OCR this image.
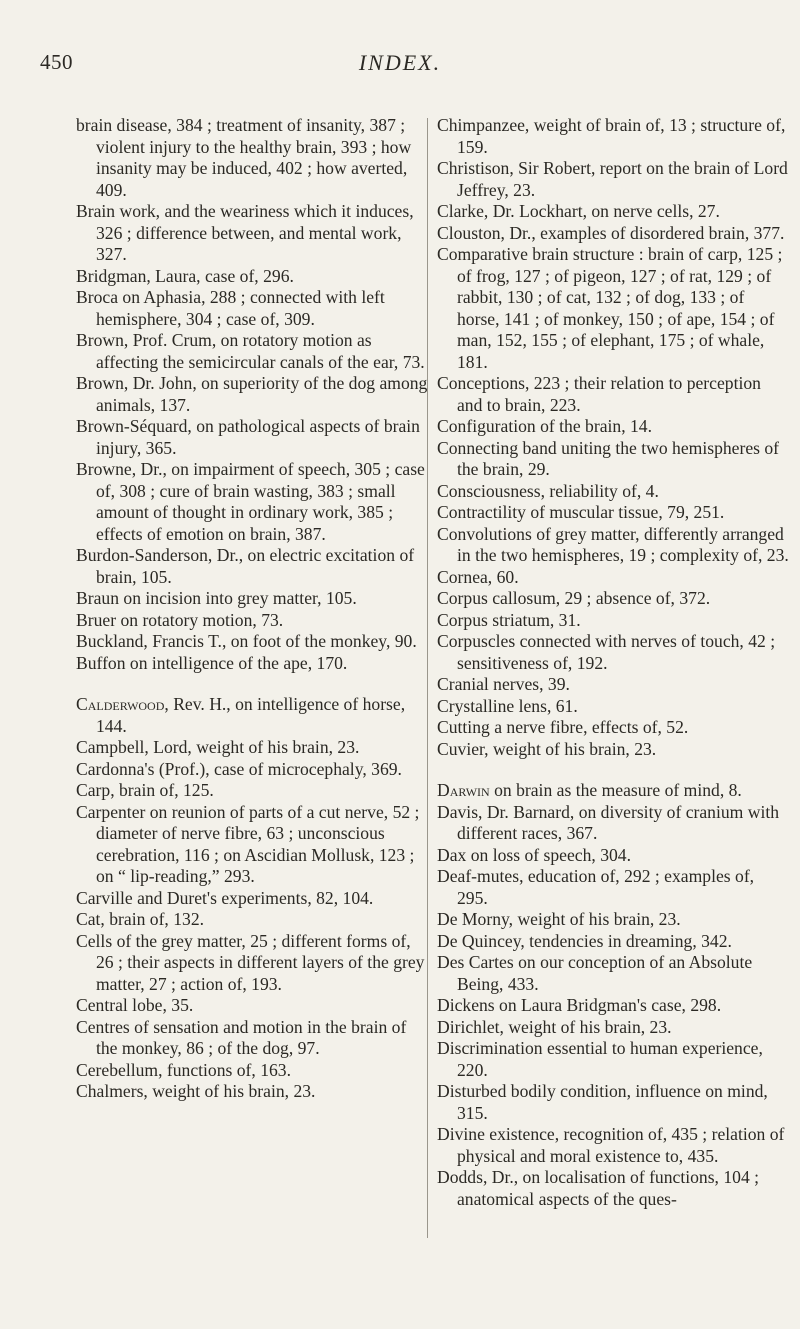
450	INDEX.

brain disease, 384 ; treatment of insanity, 387 ; violent injury to the healthy brain, 393 ; how insanity may be induced, 402 ; how averted, 409.

Brain work, and the weariness which it induces, 326 ; difference between, and mental work, 327.

Bridgman, Laura, case of, 296.

Broca on Aphasia, 288 ; connected with left hemisphere, 304 ; case of, 309.

Brown, Prof. Crum, on rotatory motion as affecting the semicircular canals of the ear, 73.

Brown, Dr. John, on superiority of the dog among animals, 137.

Brown-Séquard, on pathological aspects of brain injury, 365.

Browne, Dr., on impairment of speech, 305 ; case of, 308 ; cure of brain wasting, 383 ; small amount of thought in ordinary work, 385 ; effects of emotion on brain, 387.

Burdon-Sanderson, Dr., on electric excitation of brain, 105.

Braun on incision into grey matter, 105.

Bruer on rotatory motion, 73.

Buckland, Francis T., on foot of the monkey, 90.

Buffon on intelligence of the ape, 170.

Calderwood, Rev. H., on intelligence of horse, 144.

Campbell, Lord, weight of his brain, 23.

Cardonna's (Prof.), case of microcephaly, 369.

Carp, brain of, 125.

Carpenter on reunion of parts of a cut nerve, 52 ; diameter of nerve fibre, 63 ; unconscious cerebration, 116 ; on Ascidian Mollusk, 123 ; on “ lip-reading,” 293.

Carville and Duret's experiments, 82, 104.

Cat, brain of, 132.

Cells of the grey matter, 25 ; different forms of, 26 ; their aspects in different layers of the grey matter, 27 ; action of, 193.

Central lobe, 35.

Centres of sensation and motion in the brain of the monkey, 86 ; of the dog, 97.

Cerebellum, functions of, 163.

Chalmers, weight of his brain, 23.

Chimpanzee, weight of brain of, 13 ; structure of, 159.

Christison, Sir Robert, report on the brain of Lord Jeffrey, 23.

Clarke, Dr. Lockhart, on nerve cells, 27.

Clouston, Dr., examples of disordered brain, 377.

Comparative brain structure : brain of carp, 125 ; of frog, 127 ; of pigeon, 127 ; of rat, 129 ; of rabbit, 130 ; of cat, 132 ; of dog, 133 ; of horse, 141 ; of monkey, 150 ; of ape, 154 ; of man, 152, 155 ; of elephant, 175 ; of whale, 181.

Conceptions, 223 ; their relation to perception and to brain, 223.

Configuration of the brain, 14.

Connecting band uniting the two hemispheres of the brain, 29.

Consciousness, reliability of, 4.

Contractility of muscular tissue, 79, 251.

Convolutions of grey matter, differently arranged in the two hemispheres, 19 ; complexity of, 23.

Cornea, 60.

Corpus callosum, 29 ; absence of, 372.

Corpus striatum, 31.

Corpuscles connected with nerves of touch, 42 ; sensitiveness of, 192.

Cranial nerves, 39.

Crystalline lens, 61.

Cutting a nerve fibre, effects of, 52.

Cuvier, weight of his brain, 23.

Darwin on brain as the measure of mind, 8.

Davis, Dr. Barnard, on diversity of cranium with different races, 367.

Dax on loss of speech, 304.

Deaf-mutes, education of, 292 ; examples of, 295.

De Morny, weight of his brain, 23.

De Quincey, tendencies in dreaming, 342.

Des Cartes on our conception of an Absolute Being, 433.

Dickens on Laura Bridgman's case, 298.

Dirichlet, weight of his brain, 23.

Discrimination essential to human experience, 220.

Disturbed bodily condition, influence on mind, 315.

Divine existence, recognition of, 435 ; relation of physical and moral existence to, 435.

Dodds, Dr., on localisation of functions, 104 ; anatomical aspects of the ques-
